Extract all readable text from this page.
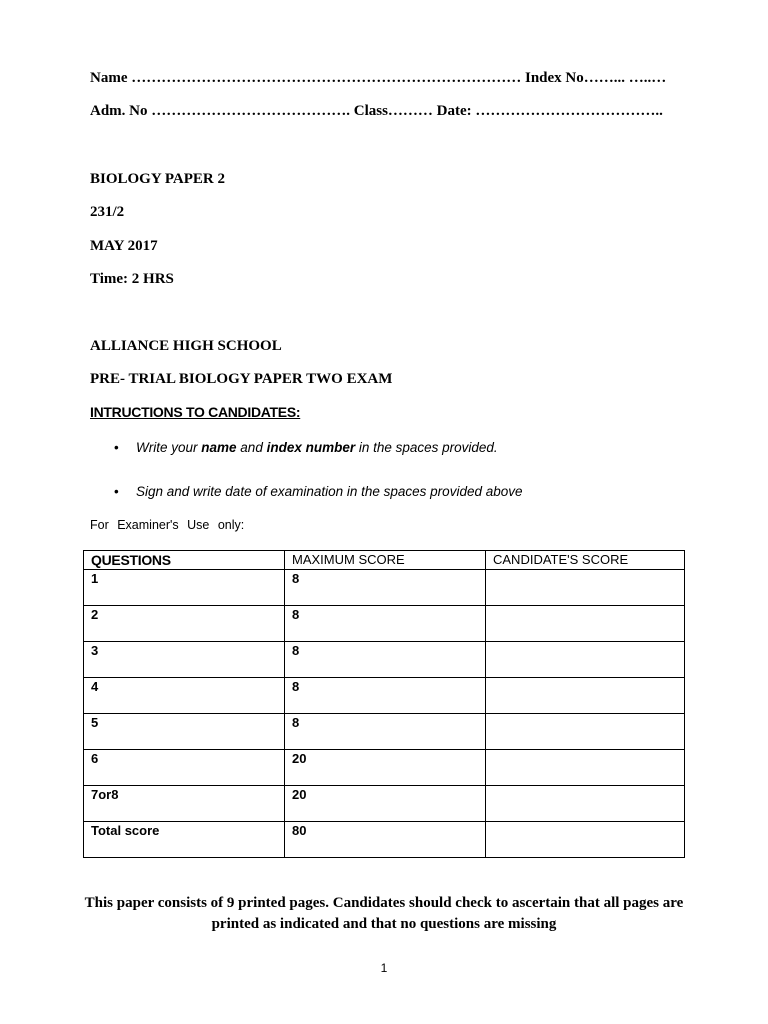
Name …………………………………………………………………… Index No……... …..…
Adm. No …………………………………. Class……… Date: ………………………………..
BIOLOGY PAPER 2
231/2
MAY 2017
Time: 2 HRS
ALLIANCE HIGH SCHOOL
PRE- TRIAL BIOLOGY PAPER TWO EXAM
INTRUCTIONS TO CANDIDATES:
• Write your name and index number in the spaces provided.
• Sign and write date of examination in the spaces provided above
For Examiner's Use only:
QUESTIONS	MAXIMUM SCORE	CANDIDATE'S SCORE
1	8	
2	8	
3	8	
4	8	
5	8	
6	20	
7or8	20	
Total score	80	
This paper consists of 9 printed pages. Candidates should check to ascertain that all pages are printed as indicated and that no questions are missing
1
